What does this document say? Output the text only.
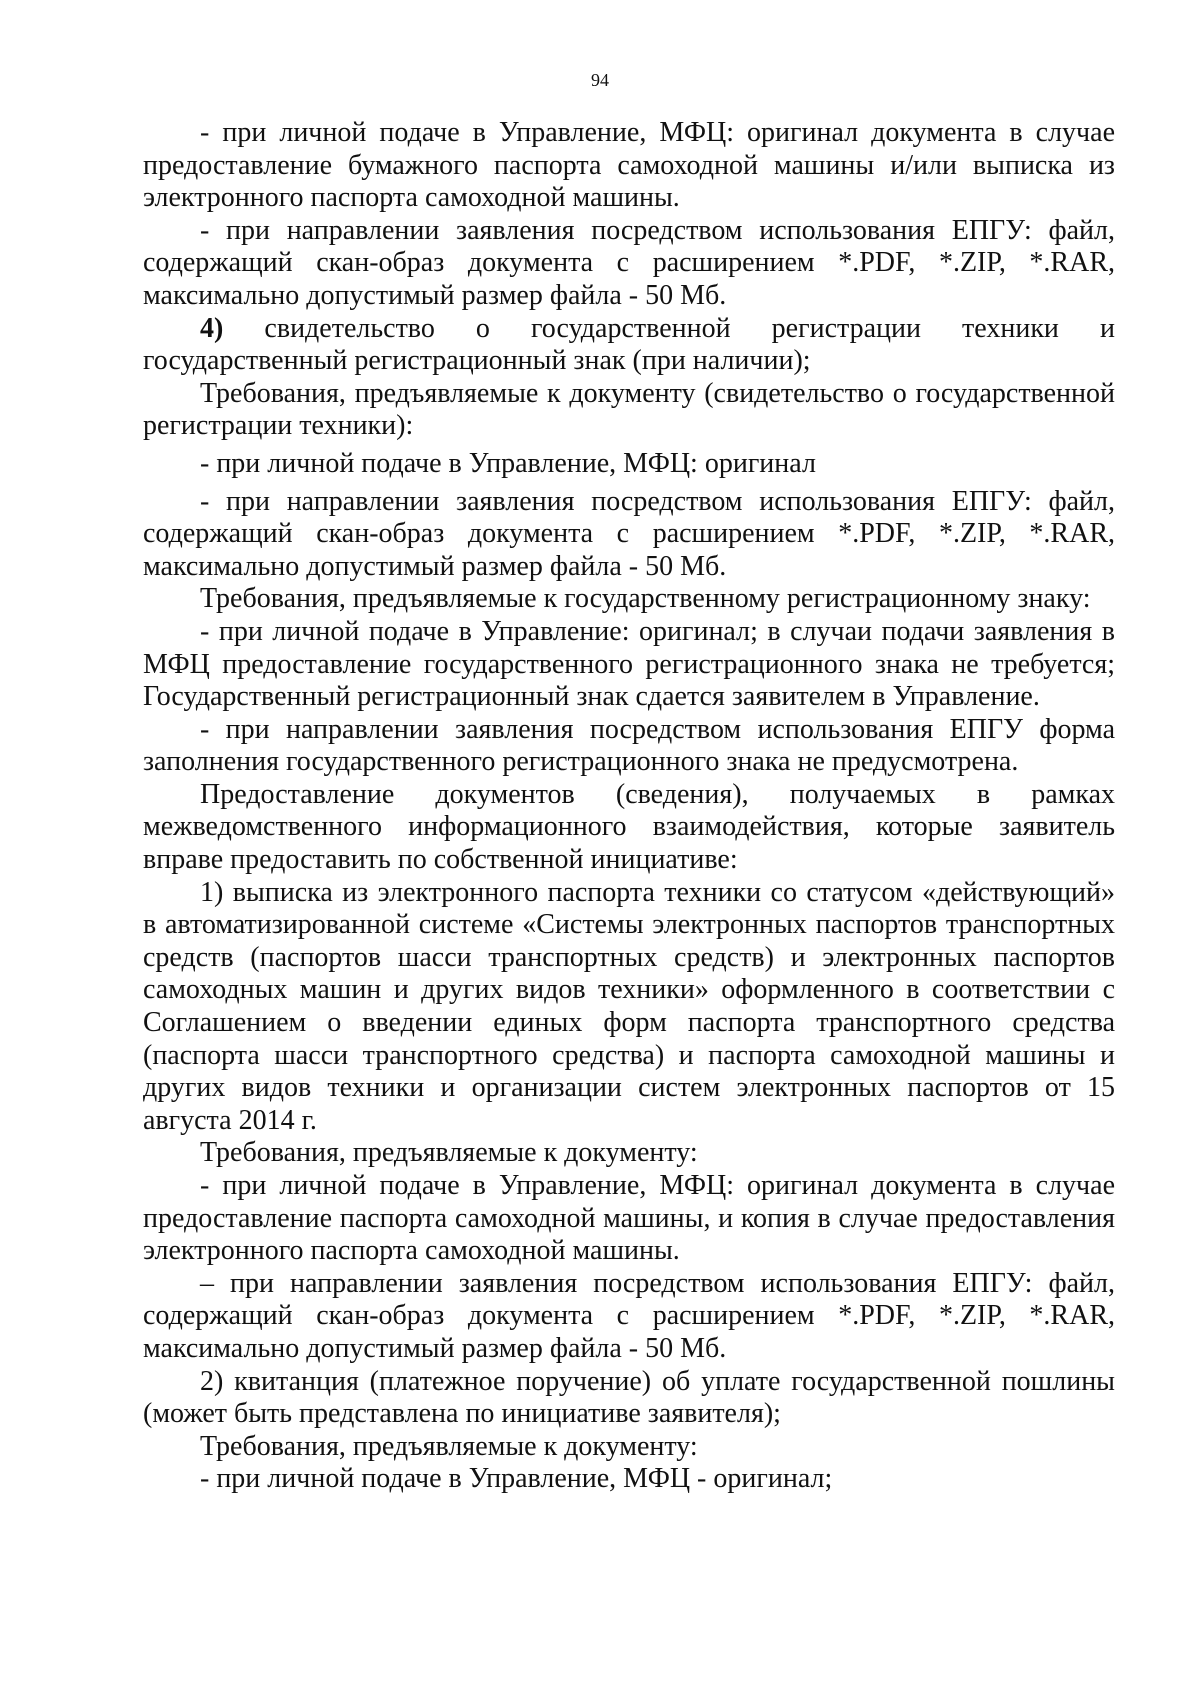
94

- при личной подаче в Управление, МФЦ: оригинал документа в случае предоставление бумажного паспорта самоходной машины и/или выписка из электронного паспорта самоходной машины.

- при направлении заявления посредством использования ЕПГУ: файл, содержащий скан-образ документа с расширением *.PDF, *.ZIP, *.RAR, максимально допустимый размер файла - 50 Мб.

4) свидетельство о государственной регистрации техники и государственный регистрационный знак (при наличии);

Требования, предъявляемые к документу (свидетельство о государственной регистрации техники):

- при личной подаче в Управление, МФЦ: оригинал

- при направлении заявления посредством использования ЕПГУ: файл, содержащий скан-образ документа с расширением *.PDF, *.ZIP, *.RAR, максимально допустимый размер файла - 50 Мб.

Требования, предъявляемые к государственному регистрационному знаку:

- при личной подаче в Управление: оригинал; в случаи подачи заявления в МФЦ предоставление государственного регистрационного знака не требуется; Государственный регистрационный знак сдается заявителем в Управление.

- при направлении заявления посредством использования ЕПГУ форма заполнения государственного регистрационного знака не предусмотрена.

Предоставление документов (сведения), получаемых в рамках межведомственного информационного взаимодействия, которые заявитель вправе предоставить по собственной инициативе:

1) выписка из электронного паспорта техники со статусом «действующий» в автоматизированной системе «Системы электронных паспортов транспортных средств (паспортов шасси транспортных средств) и электронных паспортов самоходных машин и других видов техники» оформленного в соответствии с Соглашением о введении единых форм паспорта транспортного средства (паспорта шасси транспортного средства) и паспорта самоходной машины и других видов техники и организации систем электронных паспортов от 15 августа 2014 г.

Требования, предъявляемые к документу:

- при личной подаче в Управление, МФЦ: оригинал документа в случае предоставление паспорта самоходной машины, и копия в случае предоставления электронного паспорта самоходной машины.

– при направлении заявления посредством использования ЕПГУ: файл, содержащий скан-образ документа с расширением *.PDF, *.ZIP, *.RAR, максимально допустимый размер файла - 50 Мб.

2) квитанция (платежное поручение) об уплате государственной пошлины (может быть представлена по инициативе заявителя);

Требования, предъявляемые к документу:

- при личной подаче в Управление, МФЦ - оригинал;
